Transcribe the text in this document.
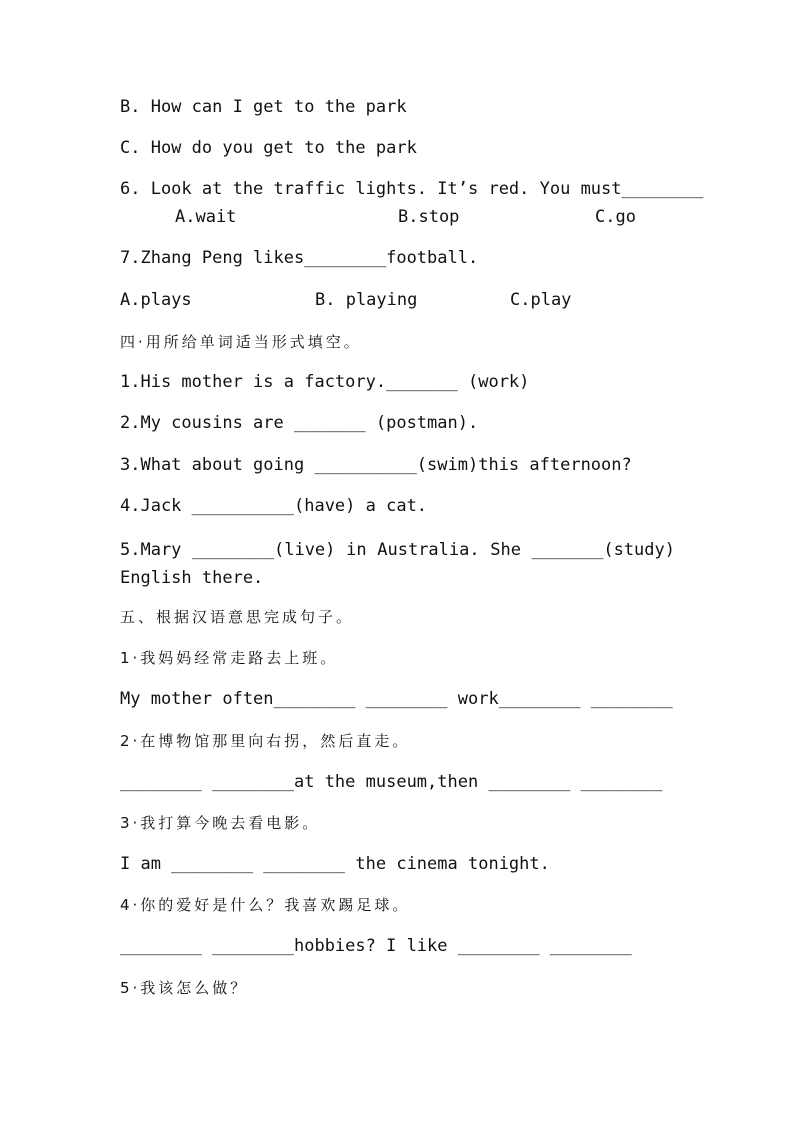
B. How can I get to the park
C. How do you get to the park
6. Look at the traffic lights. It’s red. You must________
A.wait	B.stop	C.go
7.Zhang Peng likes________football.
A.plays	B. playing	C.play
四·用所给单词适当形式填空。
1.His mother is a factory._______ (work)
2.My cousins are _______ (postman).
3.What about going __________(swim)this afternoon?
4.Jack __________(have) a cat.
5.Mary ________(live) in Australia. She _______(study) English there.
五、根据汉语意思完成句子。
1·我妈妈经常走路去上班。
My mother often________ ________ work________ ________
2·在博物馆那里向右拐，然后直走。
________ ________at the museum,then ________ ________
3·我打算今晚去看电影。
I am ________ ________ the cinema tonight.
4·你的爱好是什么？我喜欢踢足球。
________ ________hobbies? I like ________ ________
5·我该怎么做？
